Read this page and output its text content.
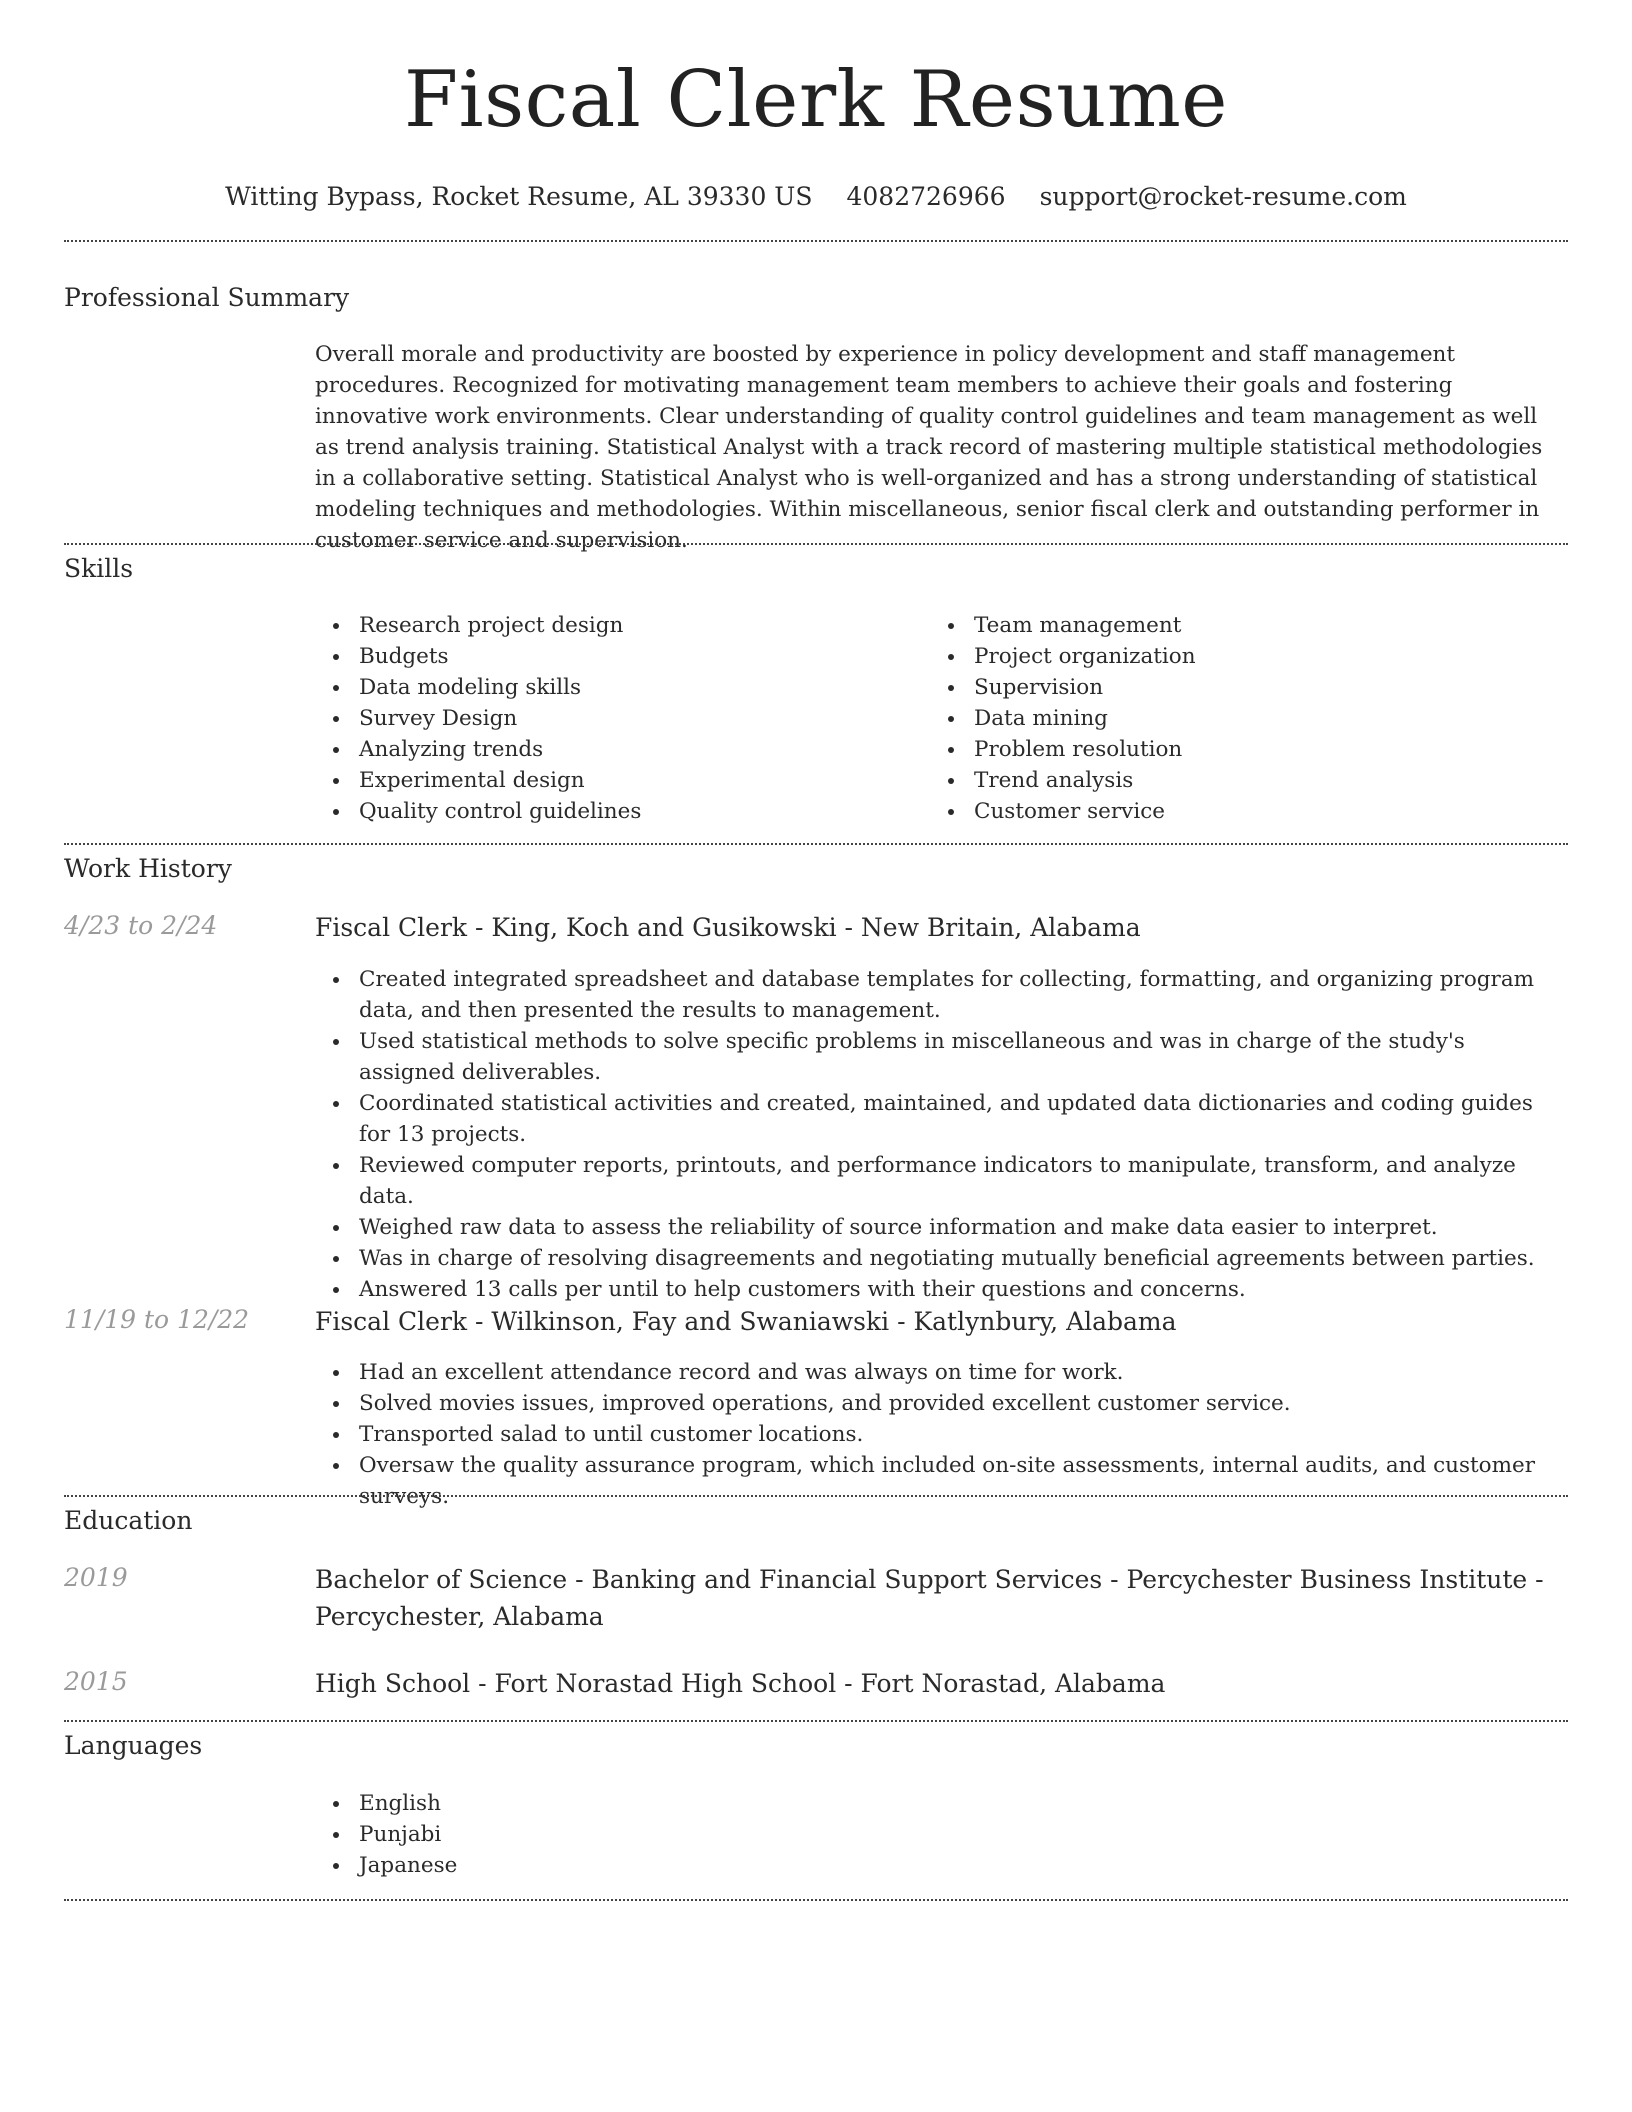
Fiscal Clerk Resume
Witting Bypass, Rocket Resume, AL 39330 US 4082726966 support@rocket-resume.com
Professional Summary
Overall morale and productivity are boosted by experience in policy development and staff management procedures. Recognized for motivating management team members to achieve their goals and fostering innovative work environments. Clear understanding of quality control guidelines and team management as well as trend analysis training. Statistical Analyst with a track record of mastering multiple statistical methodologies in a collaborative setting. Statistical Analyst who is well-organized and has a strong understanding of statistical modeling techniques and methodologies. Within miscellaneous, senior fiscal clerk and outstanding performer in customer service and supervision.
Skills
Research project design
Budgets
Data modeling skills
Survey Design
Analyzing trends
Experimental design
Quality control guidelines
Team management
Project organization
Supervision
Data mining
Problem resolution
Trend analysis
Customer service
Work History
4/23 to 2/24	Fiscal Clerk - King, Koch and Gusikowski - New Britain, Alabama
Created integrated spreadsheet and database templates for collecting, formatting, and organizing program data, and then presented the results to management.
Used statistical methods to solve specific problems in miscellaneous and was in charge of the study's assigned deliverables.
Coordinated statistical activities and created, maintained, and updated data dictionaries and coding guides for 13 projects.
Reviewed computer reports, printouts, and performance indicators to manipulate, transform, and analyze data.
Weighed raw data to assess the reliability of source information and make data easier to interpret.
Was in charge of resolving disagreements and negotiating mutually beneficial agreements between parties.
Answered 13 calls per until to help customers with their questions and concerns.
11/19 to 12/22	Fiscal Clerk - Wilkinson, Fay and Swaniawski - Katlynbury, Alabama
Had an excellent attendance record and was always on time for work.
Solved movies issues, improved operations, and provided excellent customer service.
Transported salad to until customer locations.
Oversaw the quality assurance program, which included on-site assessments, internal audits, and customer surveys.
Education
2019	Bachelor of Science - Banking and Financial Support Services - Percychester Business Institute - Percychester, Alabama
2015	High School - Fort Norastad High School - Fort Norastad, Alabama
Languages
English
Punjabi
Japanese
